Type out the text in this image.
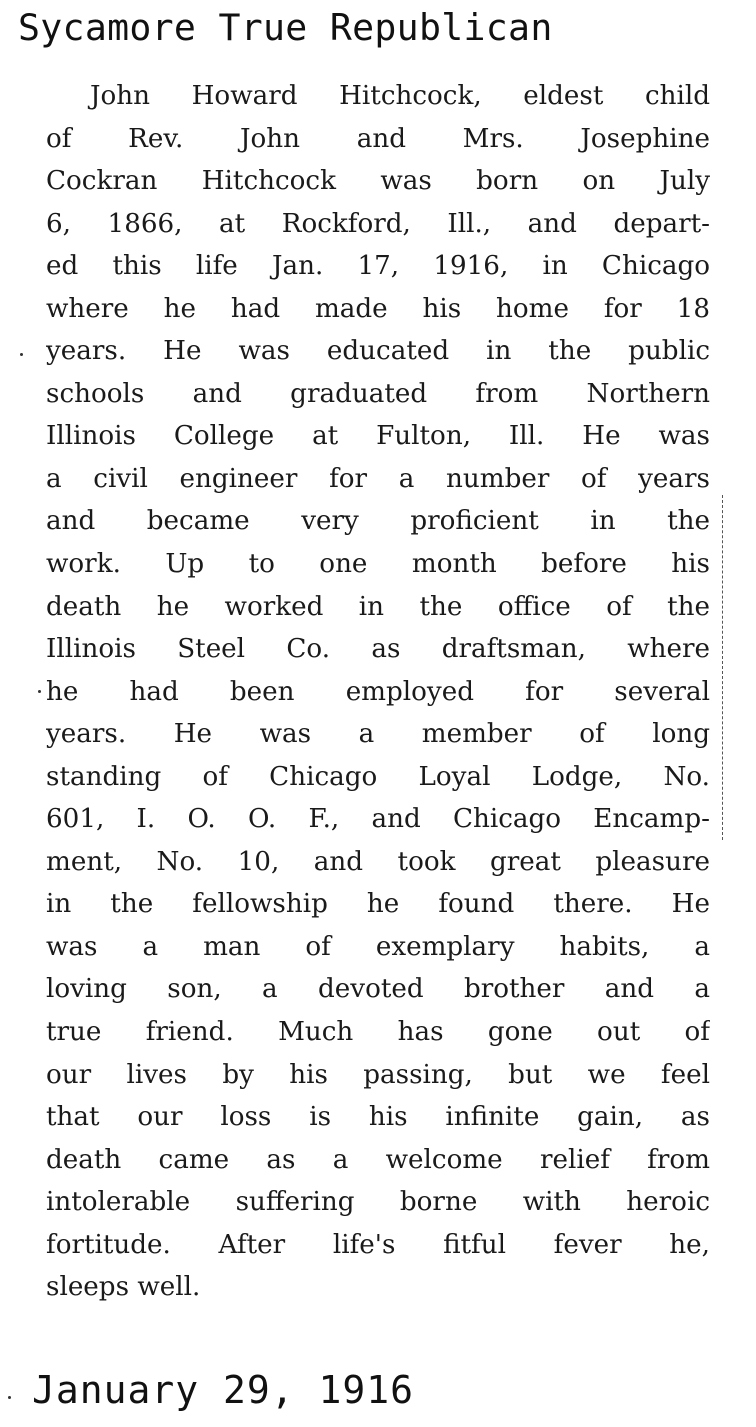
Sycamore True Republican
John Howard Hitchcock, eldest child
of Rev. John and Mrs. Josephine
Cockran Hitchcock was born on July
6, 1866, at Rockford, Ill., and depart-
ed this life Jan. 17, 1916, in Chicago
where he had made his home for 18
years. He was educated in the public
schools and graduated from Northern
Illinois College at Fulton, Ill. He was
a civil engineer for a number of years
and became very proficient in the
work. Up to one month before his
death he worked in the office of the
Illinois Steel Co. as draftsman, where
he had been employed for several
years. He was a member of long
standing of Chicago Loyal Lodge, No.
601, I. O. O. F., and Chicago Encamp-
ment, No. 10, and took great pleasure
in the fellowship he found there. He
was a man of exemplary habits, a
loving son, a devoted brother and a
true friend. Much has gone out of
our lives by his passing, but we feel
that our loss is his infinite gain, as
death came as a welcome relief from
intolerable suffering borne with heroic
fortitude. After life's fitful fever he,
sleeps well.
January 29, 1916
